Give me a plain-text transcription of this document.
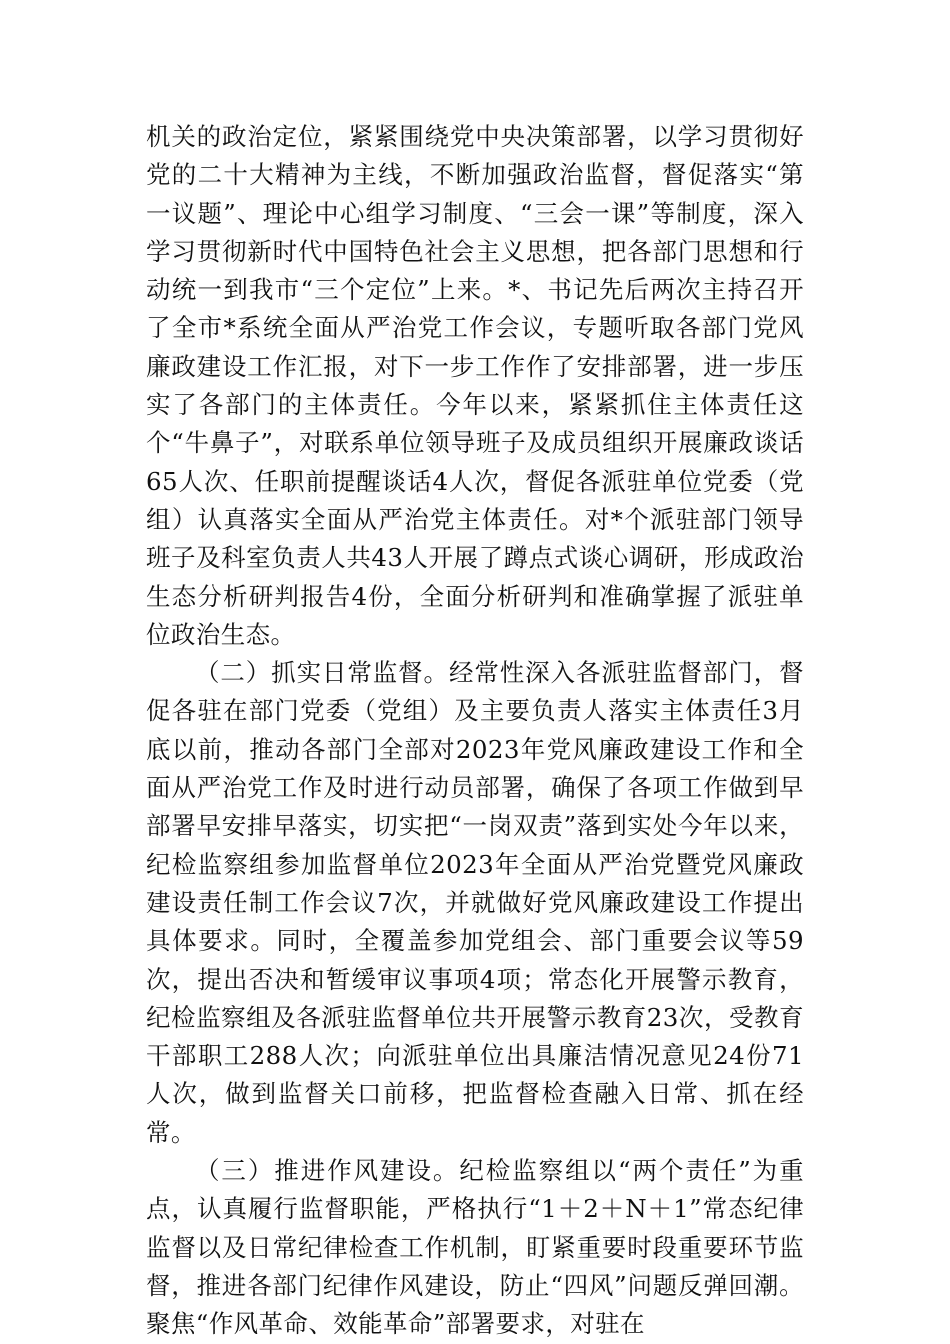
机关的政治定位，紧紧围绕党中央决策部署，以学习贯彻好党的二十大精神为主线，不断加强政治监督，督促落实“第一议题”、理论中心组学习制度、“三会一课”等制度，深入学习贯彻新时代中国特色社会主义思想，把各部门思想和行动统一到我市“三个定位”上来。*、书记先后两次主持召开了全市*系统全面从严治党工作会议，专题听取各部门党风廉政建设工作汇报，对下一步工作作了安排部署，进一步压实了各部门的主体责任。今年以来，紧紧抓住主体责任这个“牛鼻子”，对联系单位领导班子及成员组织开展廉政谈话65人次、任职前提醒谈话4人次，督促各派驻单位党委（党组）认真落实全面从严治党主体责任。对*个派驻部门领导班子及科室负责人共43人开展了蹲点式谈心调研，形成政治生态分析研判报告4份，全面分析研判和准确掌握了派驻单位政治生态。

（二）抓实日常监督。经常性深入各派驻监督部门，督促各驻在部门党委（党组）及主要负责人落实主体责任3月底以前，推动各部门全部对2023年党风廉政建设工作和全面从严治党工作及时进行动员部署，确保了各项工作做到早部署早安排早落实，切实把“一岗双责”落到实处今年以来，纪检监察组参加监督单位2023年全面从严治党暨党风廉政建设责任制工作会议7次，并就做好党风廉政建设工作提出具体要求。同时，全覆盖参加党组会、部门重要会议等59次，提出否决和暂缓审议事项4项；常态化开展警示教育，纪检监察组及各派驻监督单位共开展警示教育23次，受教育干部职工288人次；向派驻单位出具廉洁情况意见24份71人次，做到监督关口前移，把监督检查融入日常、抓在经常。

（三）推进作风建设。纪检监察组以“两个责任”为重点，认真履行监督职能，严格执行“1＋2＋N＋1”常态纪律监督以及日常纪律检查工作机制，盯紧重要时段重要环节监督，推进各部门纪律作风建设，防止“四风”问题反弹回潮。聚焦“作风革命、效能革命”部署要求，对驻在
